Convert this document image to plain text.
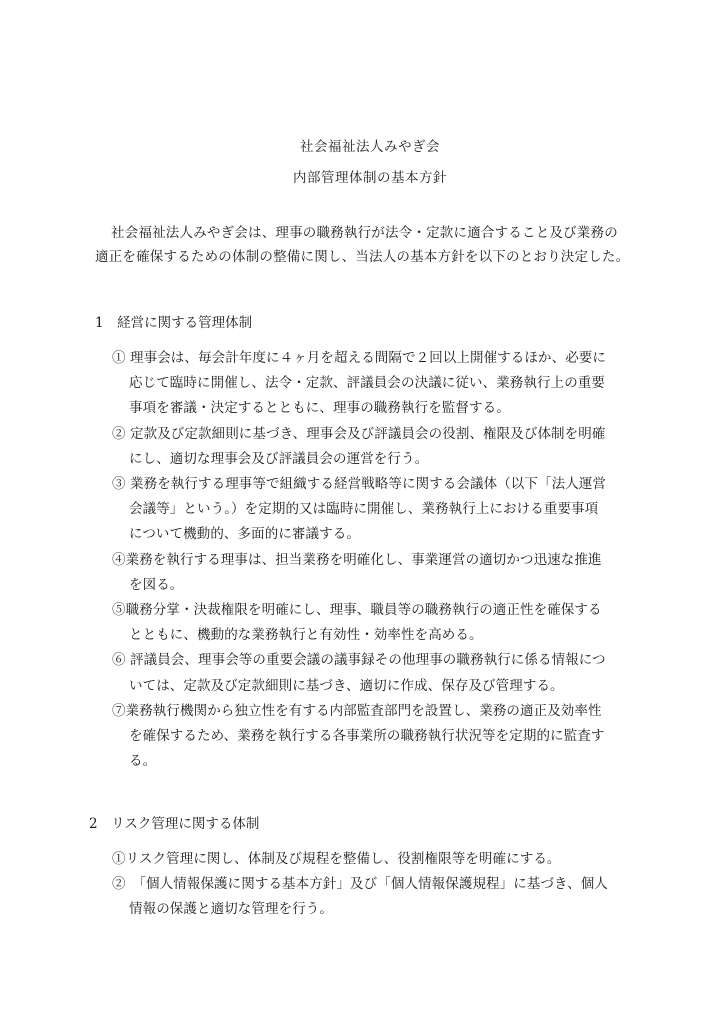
社会福祉法人みやぎ会
内部管理体制の基本方針
社会福祉法人みやぎ会は、理事の職務執行が法令・定款に適合すること及び業務の
適正を確保するための体制の整備に関し、当法人の基本方針を以下のとおり決定した。
1　経営に関する管理体制
① 理事会は、毎会計年度に４ヶ月を超える間隔で２回以上開催するほか、必要に
応じて臨時に開催し、法令・定款、評議員会の決議に従い、業務執行上の重要
事項を審議・決定するとともに、理事の職務執行を監督する。
② 定款及び定款細則に基づき、理事会及び評議員会の役割、権限及び体制を明確
にし、適切な理事会及び評議員会の運営を行う。
③ 業務を執行する理事等で組織する経営戦略等に関する会議体（以下「法人運営
会議等」という。）を定期的又は臨時に開催し、業務執行上における重要事項
について機動的、多面的に審議する。
④業務を執行する理事は、担当業務を明確化し、事業運営の適切かつ迅速な推進
を図る。
⑤職務分掌・決裁権限を明確にし、理事、職員等の職務執行の適正性を確保する
とともに、機動的な業務執行と有効性・効率性を高める。
⑥ 評議員会、理事会等の重要会議の議事録その他理事の職務執行に係る情報につ
いては、定款及び定款細則に基づき、適切に作成、保存及び管理する。
⑦業務執行機関から独立性を有する内部監査部門を設置し、業務の適正及効率性
を確保するため、業務を執行する各事業所の職務執行状況等を定期的に監査す
る。
2　リスク管理に関する体制
①リスク管理に関し、体制及び規程を整備し、役割権限等を明確にする。
②　「個人情報保護に関する基本方針」及び「個人情報保護規程」に基づき、個人
情報の保護と適切な管理を行う。
